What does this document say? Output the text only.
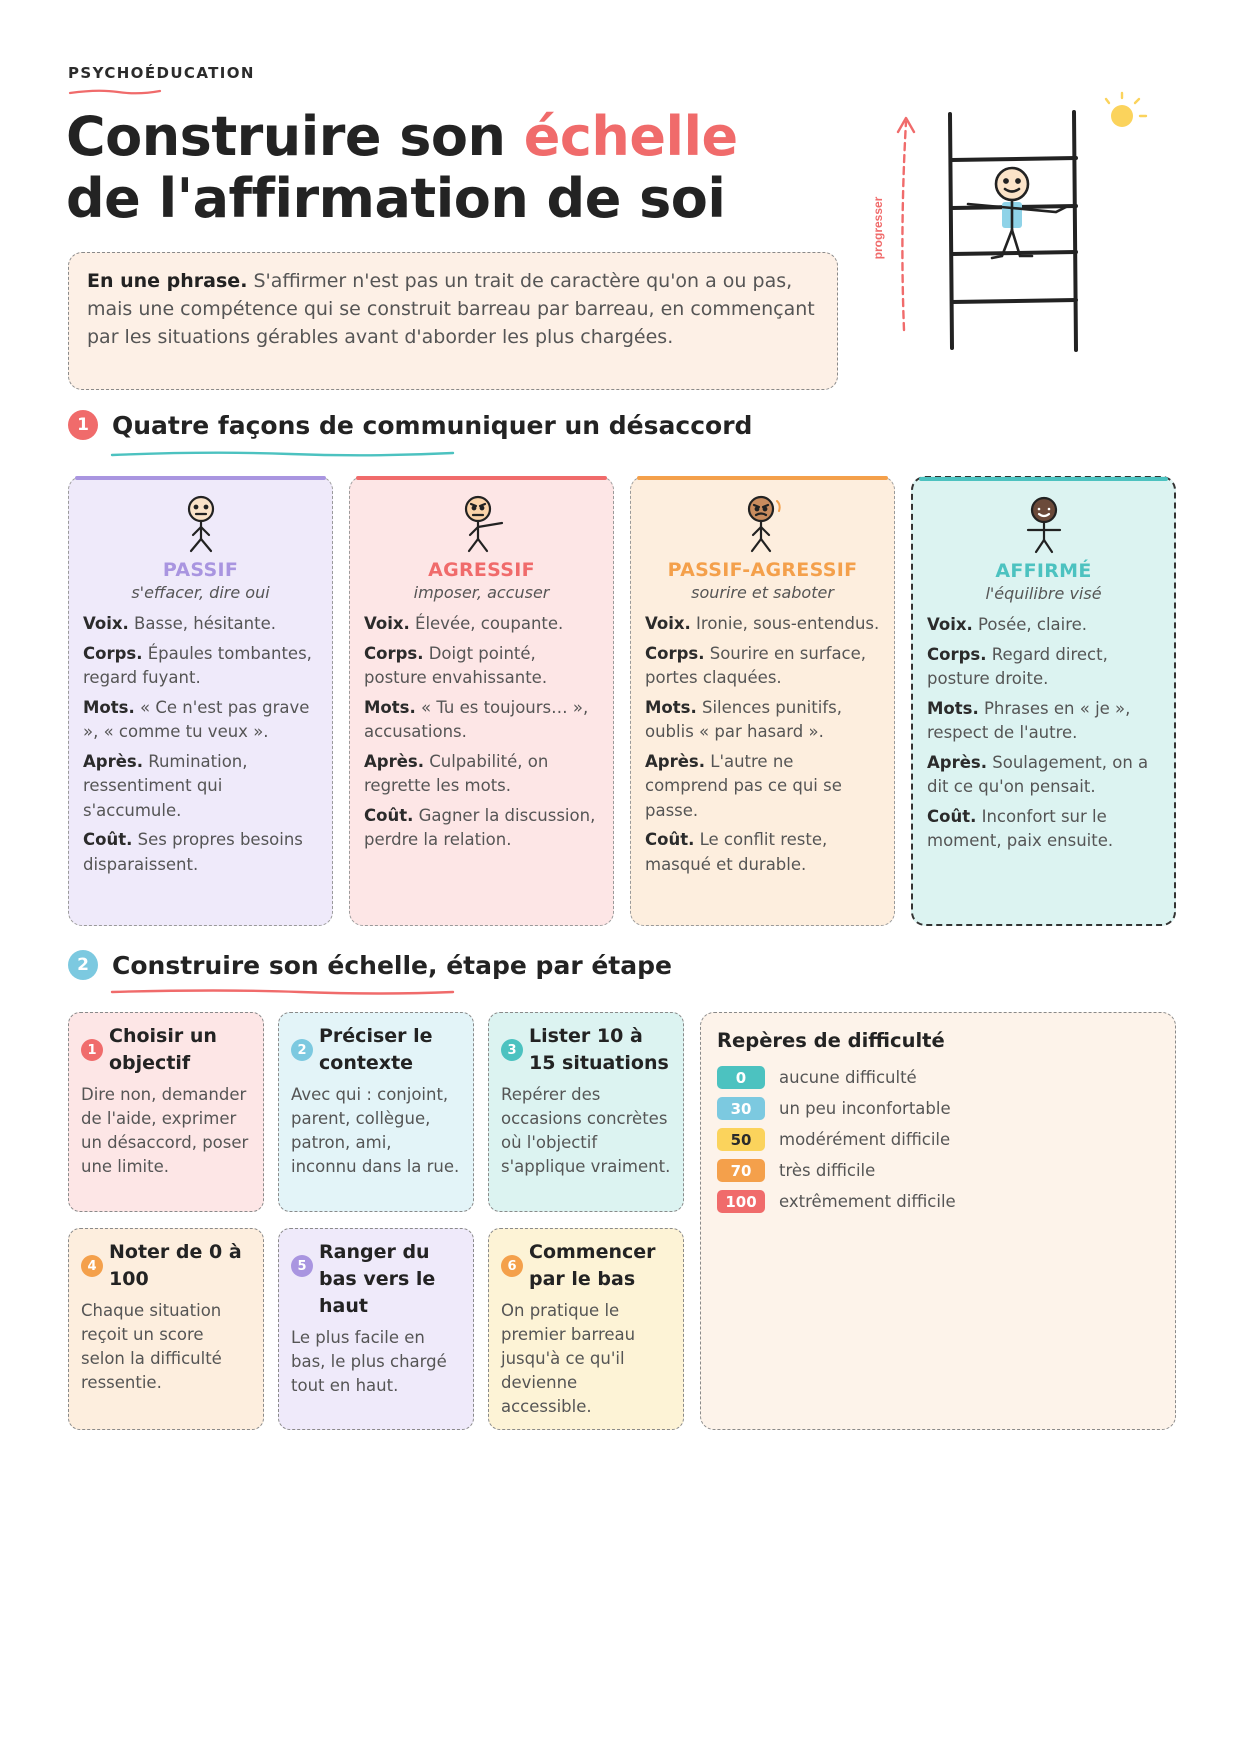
PSYCHOÉDUCATION
Construire son échelle
de l'affirmation de soi
En une phrase. S'affirmer n'est pas un trait de caractère qu'on a ou pas, mais une compétence qui se construit barreau par barreau, en commençant par les situations gérables avant d'aborder les plus chargées.
progresser
1 Quatre façons de communiquer un désaccord
PASSIF
s'effacer, dire oui

Voix. Basse, hésitante.

Corps. Épaules tombantes, regard fuyant.

Mots. « Ce n'est pas grave », « comme tu veux ».

Après. Rumination, ressentiment qui s'accumule.

Coût. Ses propres besoins disparaissent.

AGRESSIF
imposer, accuser

Voix. Élevée, coupante.

Corps. Doigt pointé, posture envahissante.

Mots. « Tu es toujours… », accusations.

Après. Culpabilité, on regrette les mots.

Coût. Gagner la discussion, perdre la relation.

PASSIF-AGRESSIF
sourire et saboter

Voix. Ironie, sous-entendus.

Corps. Sourire en surface, portes claquées.

Mots. Silences punitifs, oublis « par hasard ».

Après. L'autre ne comprend pas ce qui se passe.

Coût. Le conflit reste, masqué et durable.

AFFIRMÉ
l'équilibre visé

Voix. Posée, claire.

Corps. Regard direct, posture droite.

Mots. Phrases en « je », respect de l'autre.

Après. Soulagement, on a dit ce qu'on pensait.

Coût. Inconfort sur le moment, paix ensuite.

2 Construire son échelle, étape par étape
1
Choisir un objectif
Dire non, demander de l'aide, exprimer un désaccord, poser une limite.
2
Préciser le contexte
Avec qui : conjoint, parent, collègue, patron, ami, inconnu dans la rue.
3
Lister 10 à 15 situations
Repérer des occasions concrètes où l'objectif s'applique vraiment.
4
Noter de 0 à 100
Chaque situation reçoit un score selon la difficulté ressentie.
5
Ranger du bas vers le haut
Le plus facile en bas, le plus chargé tout en haut.
6
Commencer par le bas
On pratique le premier barreau jusqu'à ce qu'il devienne accessible.
Repères de difficulté
0	aucune difficulté
30	un peu inconfortable
50	modérément difficile
70	très difficile
100	extrêmement difficile
